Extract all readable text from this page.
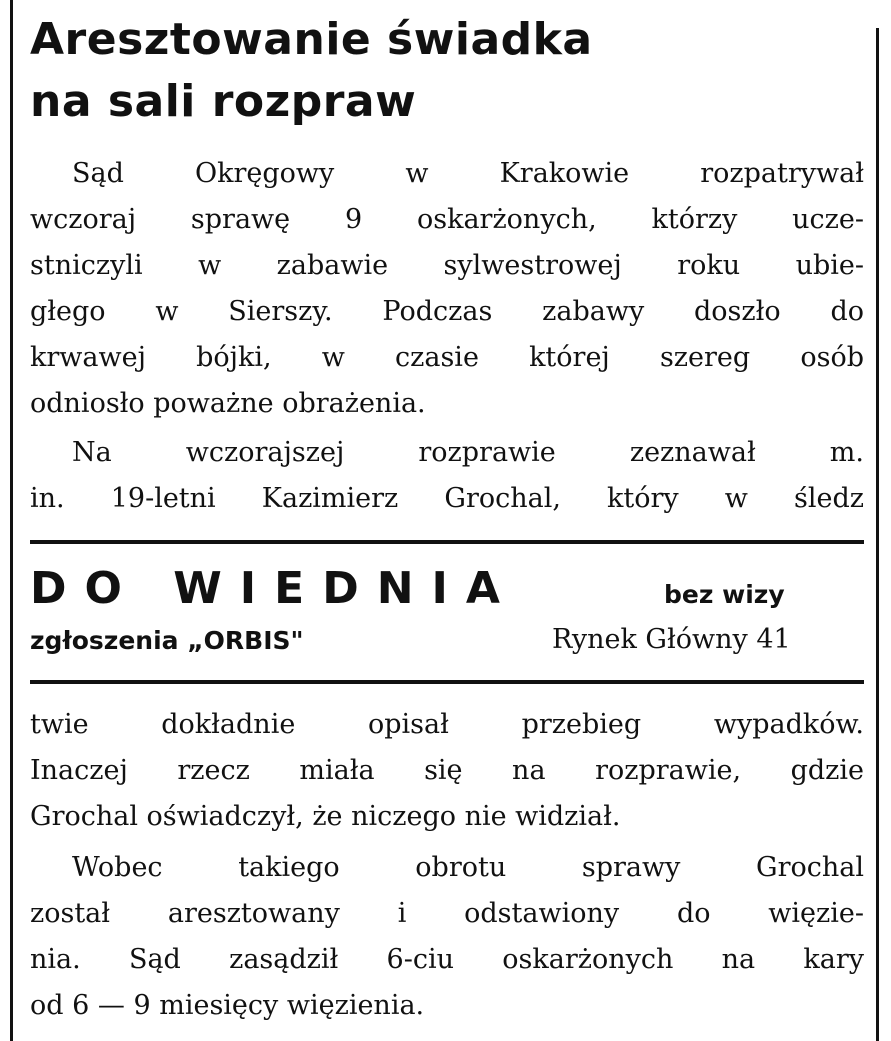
Aresztowanie świadka
na sali rozpraw

Sąd Okręgowy w Krakowie rozpatrywał

wczoraj sprawę 9 oskarżonych, którzy ucze-

stniczyli w zabawie sylwestrowej roku ubie-

głego w Sierszy. Podczas zabawy doszło do

krwawej bójki, w czasie której szereg osób

odniosło poważne obrażenia.

Na wczorajszej rozprawie zeznawał m.

in. 19-letni Kazimierz Grochal, który w śledz

DO WIEDNIA	bez wizy

zgłoszenia „ORBIS"	Rynek Główny 41

twie dokładnie opisał przebieg wypadków.

Inaczej rzecz miała się na rozprawie, gdzie

Grochal oświadczył, że niczego nie widział.

Wobec takiego obrotu sprawy Grochal

został aresztowany i odstawiony do więzie-

nia. Sąd zasądził 6-ciu oskarżonych na kary

od 6 — 9 miesięcy więzienia.
